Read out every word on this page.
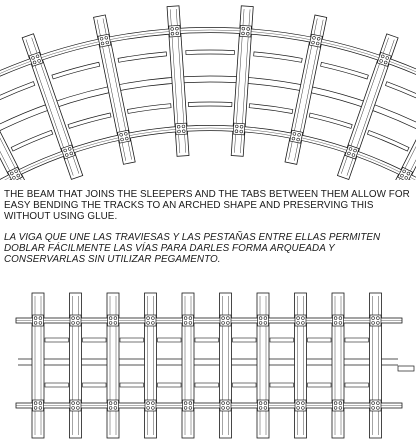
THE BEAM THAT JOINS THE SLEEPERS AND THE TABS BETWEEN THEM ALLOW FOR EASY BENDING THE TRACKS TO AN ARCHED SHAPE AND PRESERVING THIS WITHOUT USING GLUE.

LA VIGA QUE UNE LAS TRAVIESAS Y LAS PESTAÑAS ENTRE ELLAS PERMITEN DOBLAR FÁCILMENTE LAS VÍAS PARA DARLES FORMA ARQUEADA Y CONSERVARLAS SIN UTILIZAR PEGAMENTO.
